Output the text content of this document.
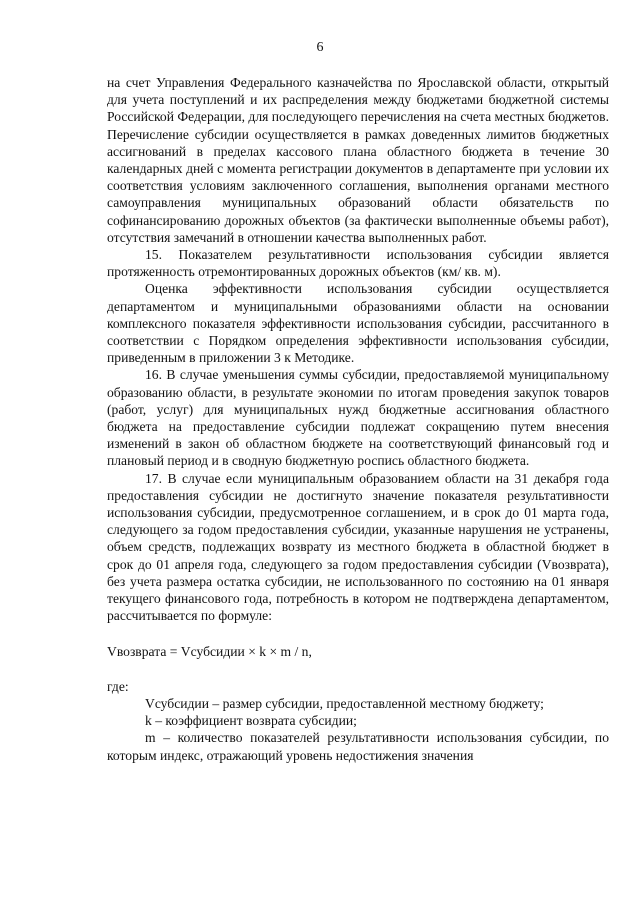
6

на счет Управления Федерального казначейства по Ярославской области, открытый для учета поступлений и их распределения между бюджетами бюджетной системы Российской Федерации, для последующего перечисления на счета местных бюджетов. Перечисление субсидии осуществляется в рамках доведенных лимитов бюджетных ассигнований в пределах кассового плана областного бюджета в течение 30 календарных дней с момента регистрации документов в департаменте при условии их соответствия условиям заключенного соглашения, выполнения органами местного самоуправления муниципальных образований области обязательств по софинансированию дорожных объектов (за фактически выполненные объемы работ), отсутствия замечаний в отношении качества выполненных работ.

15. Показателем результативности использования субсидии является протяженность отремонтированных дорожных объектов (км/ кв. м).

Оценка эффективности использования субсидии осуществляется департаментом и муниципальными образованиями области на основании комплексного показателя эффективности использования субсидии, рассчитанного в соответствии с Порядком определения эффективности использования субсидии, приведенным в приложении 3 к Методике.

16. В случае уменьшения суммы субсидии, предоставляемой муниципальному образованию области, в результате экономии по итогам проведения закупок товаров (работ, услуг) для муниципальных нужд бюджетные ассигнования областного бюджета на предоставление субсидии подлежат сокращению путем внесения изменений в закон об областном бюджете на соответствующий финансовый год и плановый период и в сводную бюджетную роспись областного бюджета.

17. В случае если муниципальным образованием области на 31 декабря года предоставления субсидии не достигнуто значение показателя результативности использования субсидии, предусмотренное соглашением, и в срок до 01 марта года, следующего за годом предоставления субсидии, указанные нарушения не устранены, объем средств, подлежащих возврату из местного бюджета в областной бюджет в срок до 01 апреля года, следующего за годом предоставления субсидии (Vвозврата), без учета размера остатка субсидии, не использованного по состоянию на 01 января текущего финансового года, потребность в котором не подтверждена департаментом, рассчитывается по формуле:

Vвозврата = Vсубсидии × k × m / n,

где:

Vсубсидии – размер субсидии, предоставленной местному бюджету;

k – коэффициент возврата субсидии;

m – количество показателей результативности использования субсидии, по которым индекс, отражающий уровень недостижения значения
